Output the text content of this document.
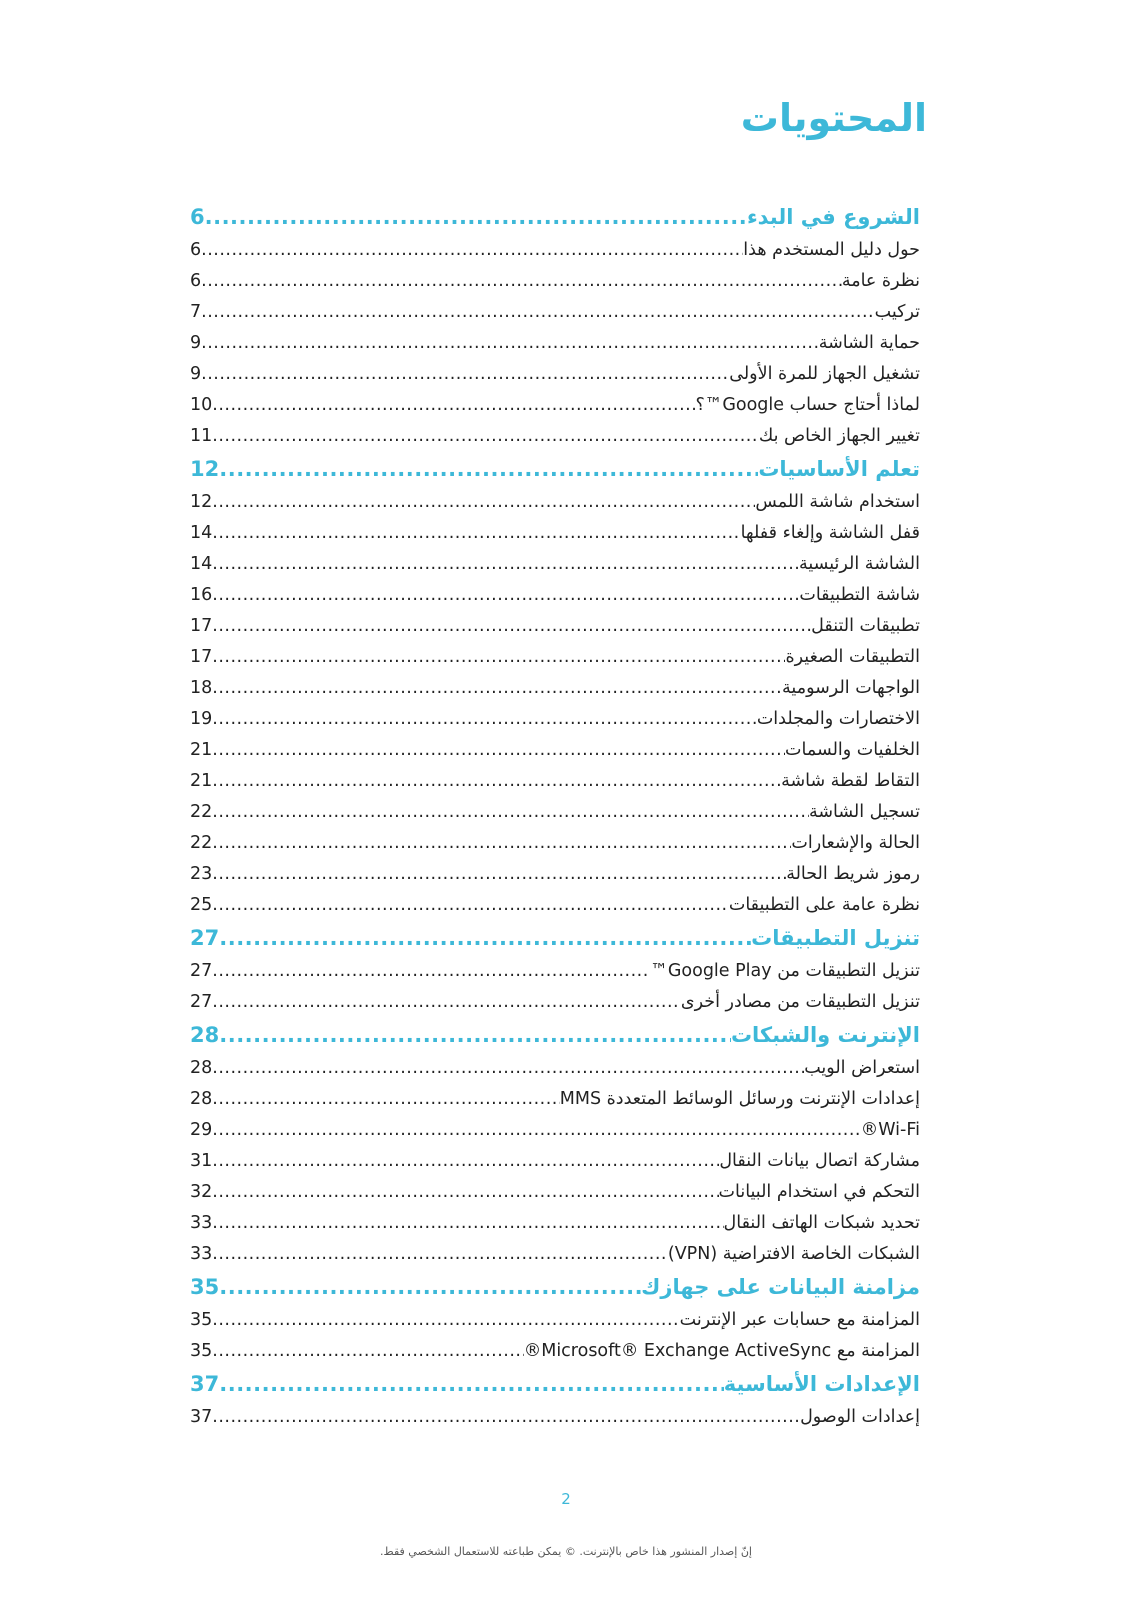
المحتويات
الشروع في البدء
.....
6
حول دليل المستخدم هذا
.....
6
نظرة عامة
.....
6
تركيب
.....
7
حماية الشاشة
.....
9
تشغيل الجهاز للمرة الأولى
.....
9
لماذا أحتاج حساب Google™؟
.....
10
تغيير الجهاز الخاص بك
.....
11
تعلم الأساسيات
.....
12
استخدام شاشة اللمس
.....
12
قفل الشاشة وإلغاء قفلها
.....
14
الشاشة الرئيسية
.....
14
شاشة التطبيقات
.....
16
تطبيقات التنقل
.....
17
التطبيقات الصغيرة
.....
17
الواجهات الرسومية
.....
18
الاختصارات والمجلدات
.....
19
الخلفيات والسمات
.....
21
التقاط لقطة شاشة
.....
21
تسجيل الشاشة
.....
22
الحالة والإشعارات
.....
22
رموز شريط الحالة
.....
23
نظرة عامة على التطبيقات
.....
25
تنزيل التطبيقات
.....
27
تنزيل التطبيقات من Google Play™
.....
27
تنزيل التطبيقات من مصادر أخرى
.....
27
الإنترنت والشبكات
.....
28
استعراض الويب
.....
28
إعدادات الإنترنت ورسائل الوسائط المتعددة MMS
.....
28
Wi-Fi®
.....
29
مشاركة اتصال بيانات النقال
.....
31
التحكم في استخدام البيانات
.....
32
تحديد شبكات الهاتف النقال
.....
33
الشبكات الخاصة الافتراضية (VPN)
.....
33
مزامنة البيانات على جهازك
.....
35
المزامنة مع حسابات عبر الإنترنت
.....
35
المزامنة مع Microsoft® Exchange ActiveSync®
.....
35
الإعدادات الأساسية
.....
37
إعدادات الوصول
.....
37
2
إنّ إصدار المنشور هذا خاص بالإنترنت. © يمكن طباعته للاستعمال الشخصي فقط.
